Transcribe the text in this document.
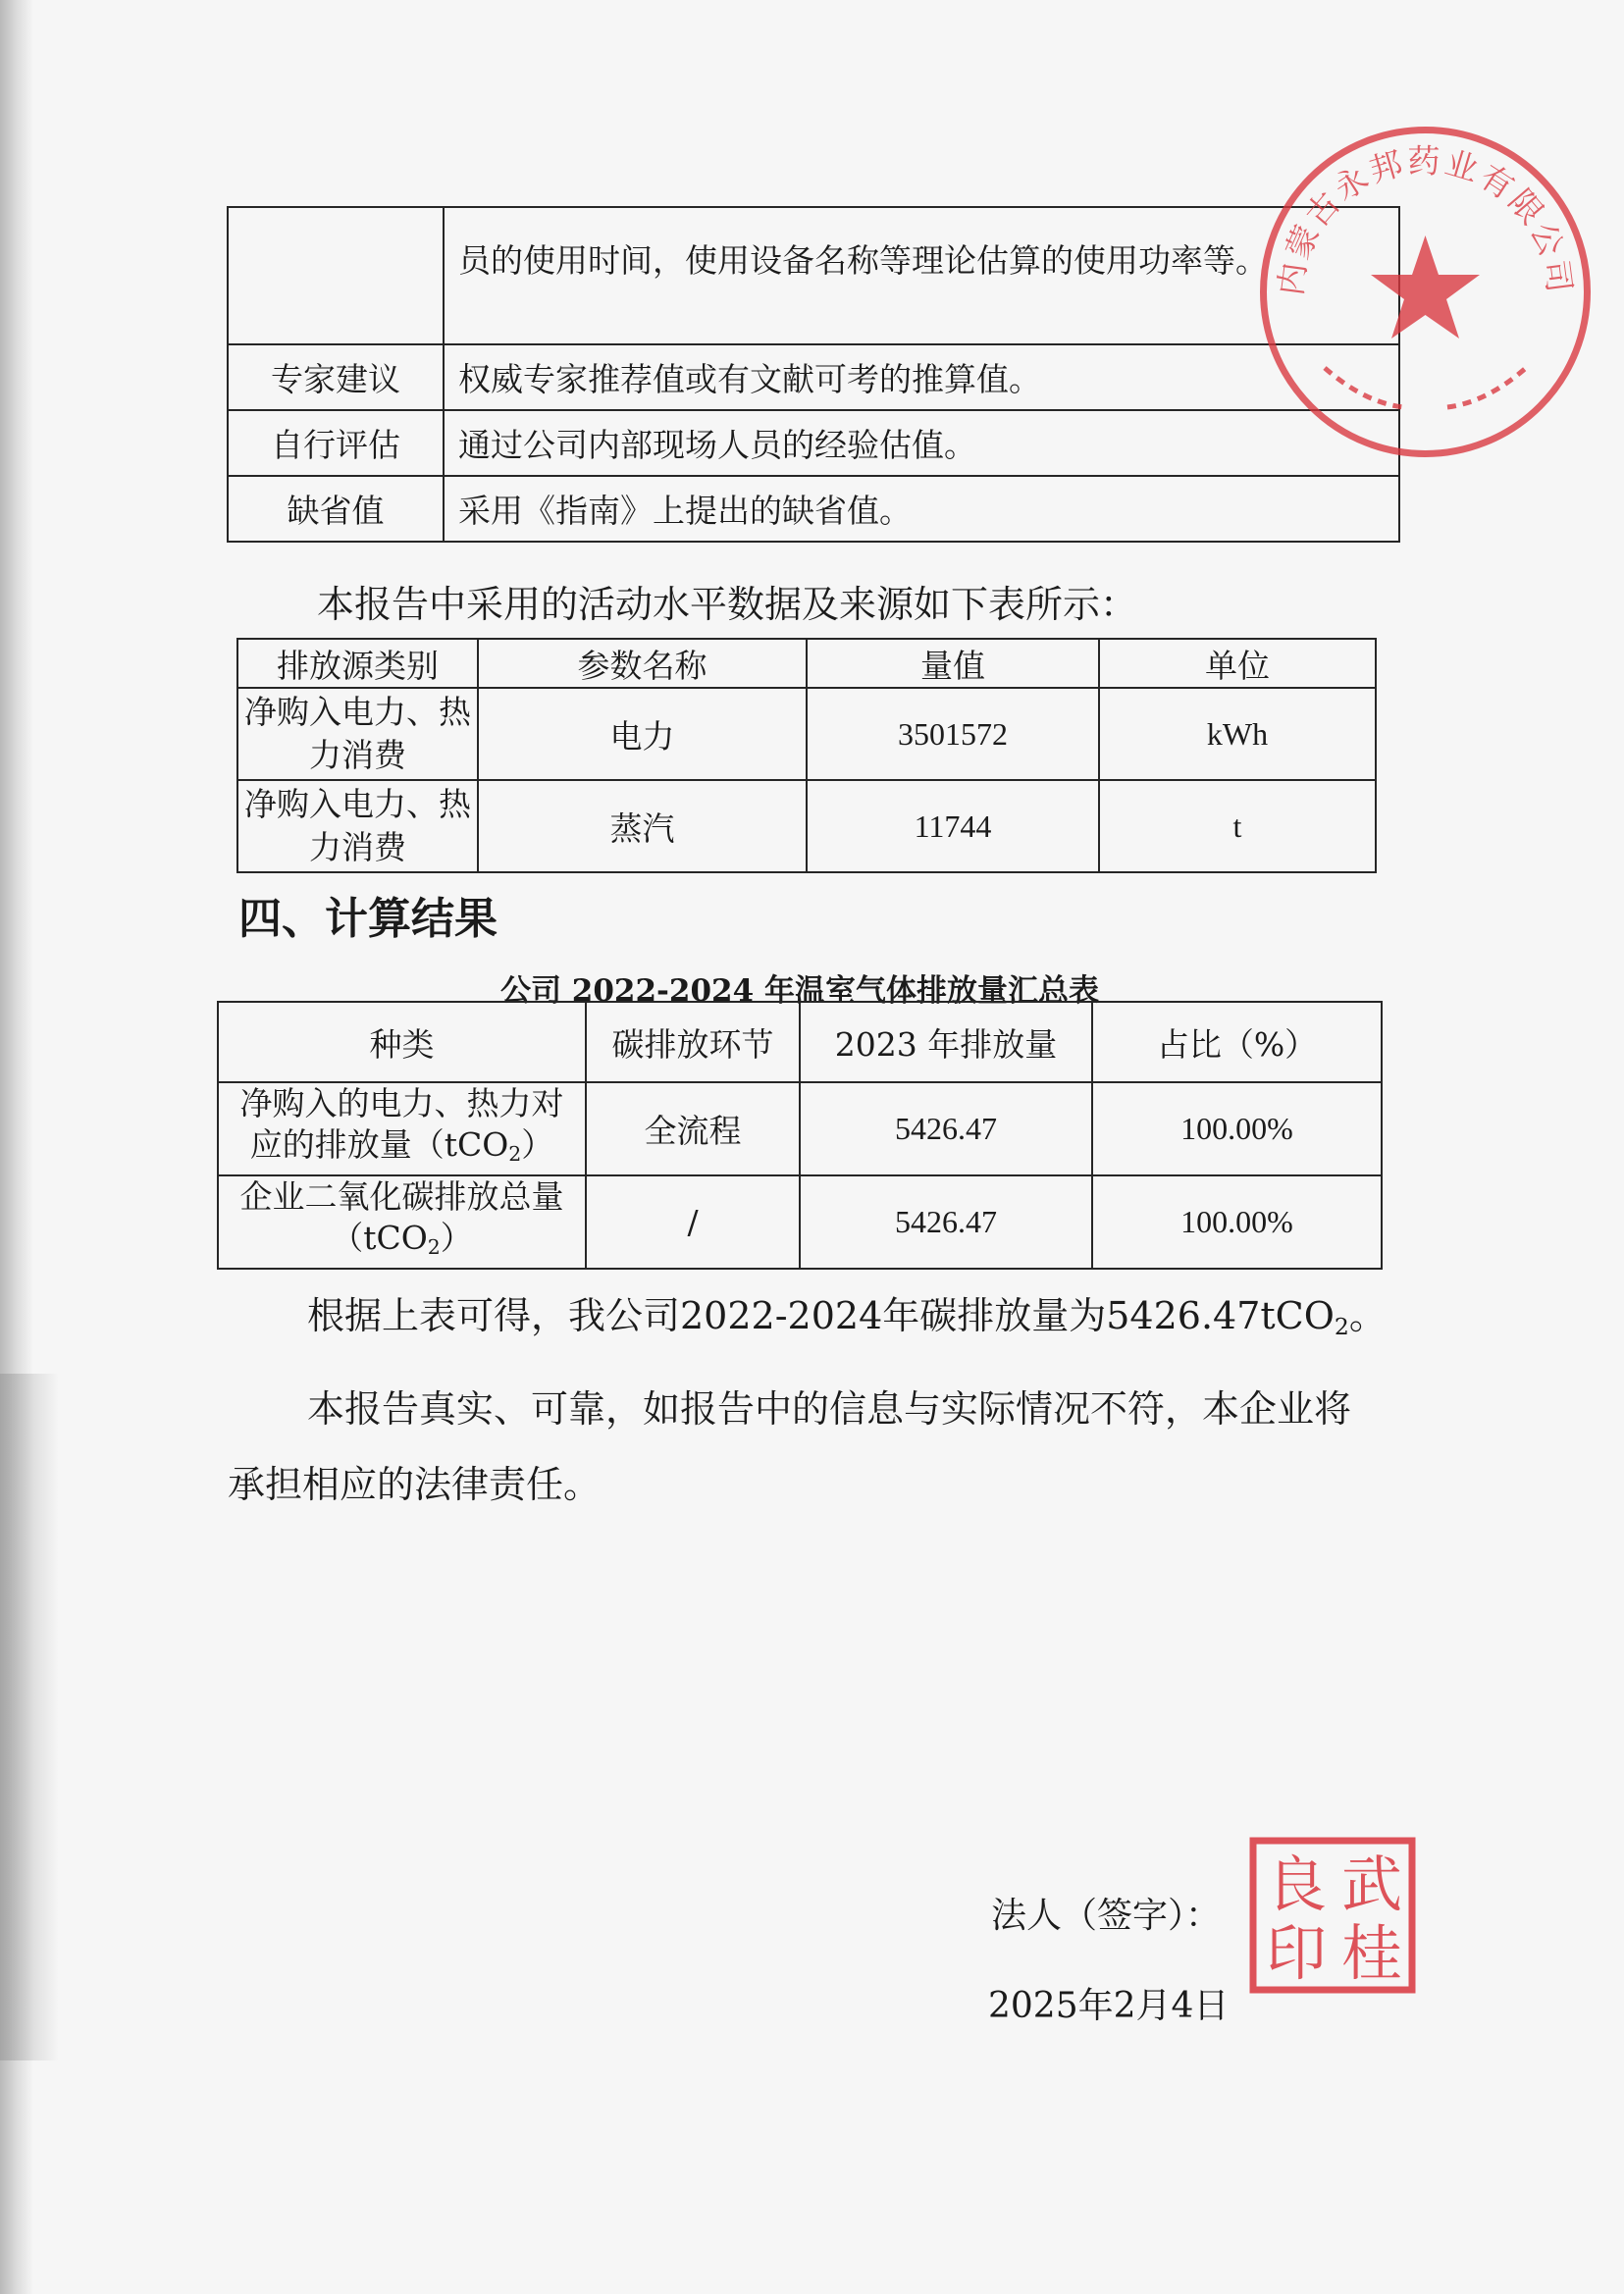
	员的使用时间，使用设备名称等理论估算的使用功率等。
专家建议	权威专家推荐值或有文献可考的推算值。
自行评估	通过公司内部现场人员的经验估值。
缺省值	采用《指南》上提出的缺省值。
本报告中采用的活动水平数据及来源如下表所示：
排放源类别	参数名称	量值	单位
净购入电力、热力消费	电力	3501572	kWh
净购入电力、热力消费	蒸汽	11744	t
四、计算结果
公司 2022-2024 年温室气体排放量汇总表
种类	碳排放环节	2023 年排放量	占比（%）

净购入的电力、热力对
应的排放量（tCO$_2$）	全流程	5426.47	100.00%

企业二氧化碳排放总量
（tCO$_2$）	/	5426.47	100.00%
根据上表可得，我公司2022-2024年碳排放量为5426.47tCO$_2$。
本报告真实、可靠，如报告中的信息与实际情况不符，本企业将
承担相应的法律责任。
法人（签字）：
2025年2月4日
内蒙古永邦药业有限公司
武
桂
良
印
